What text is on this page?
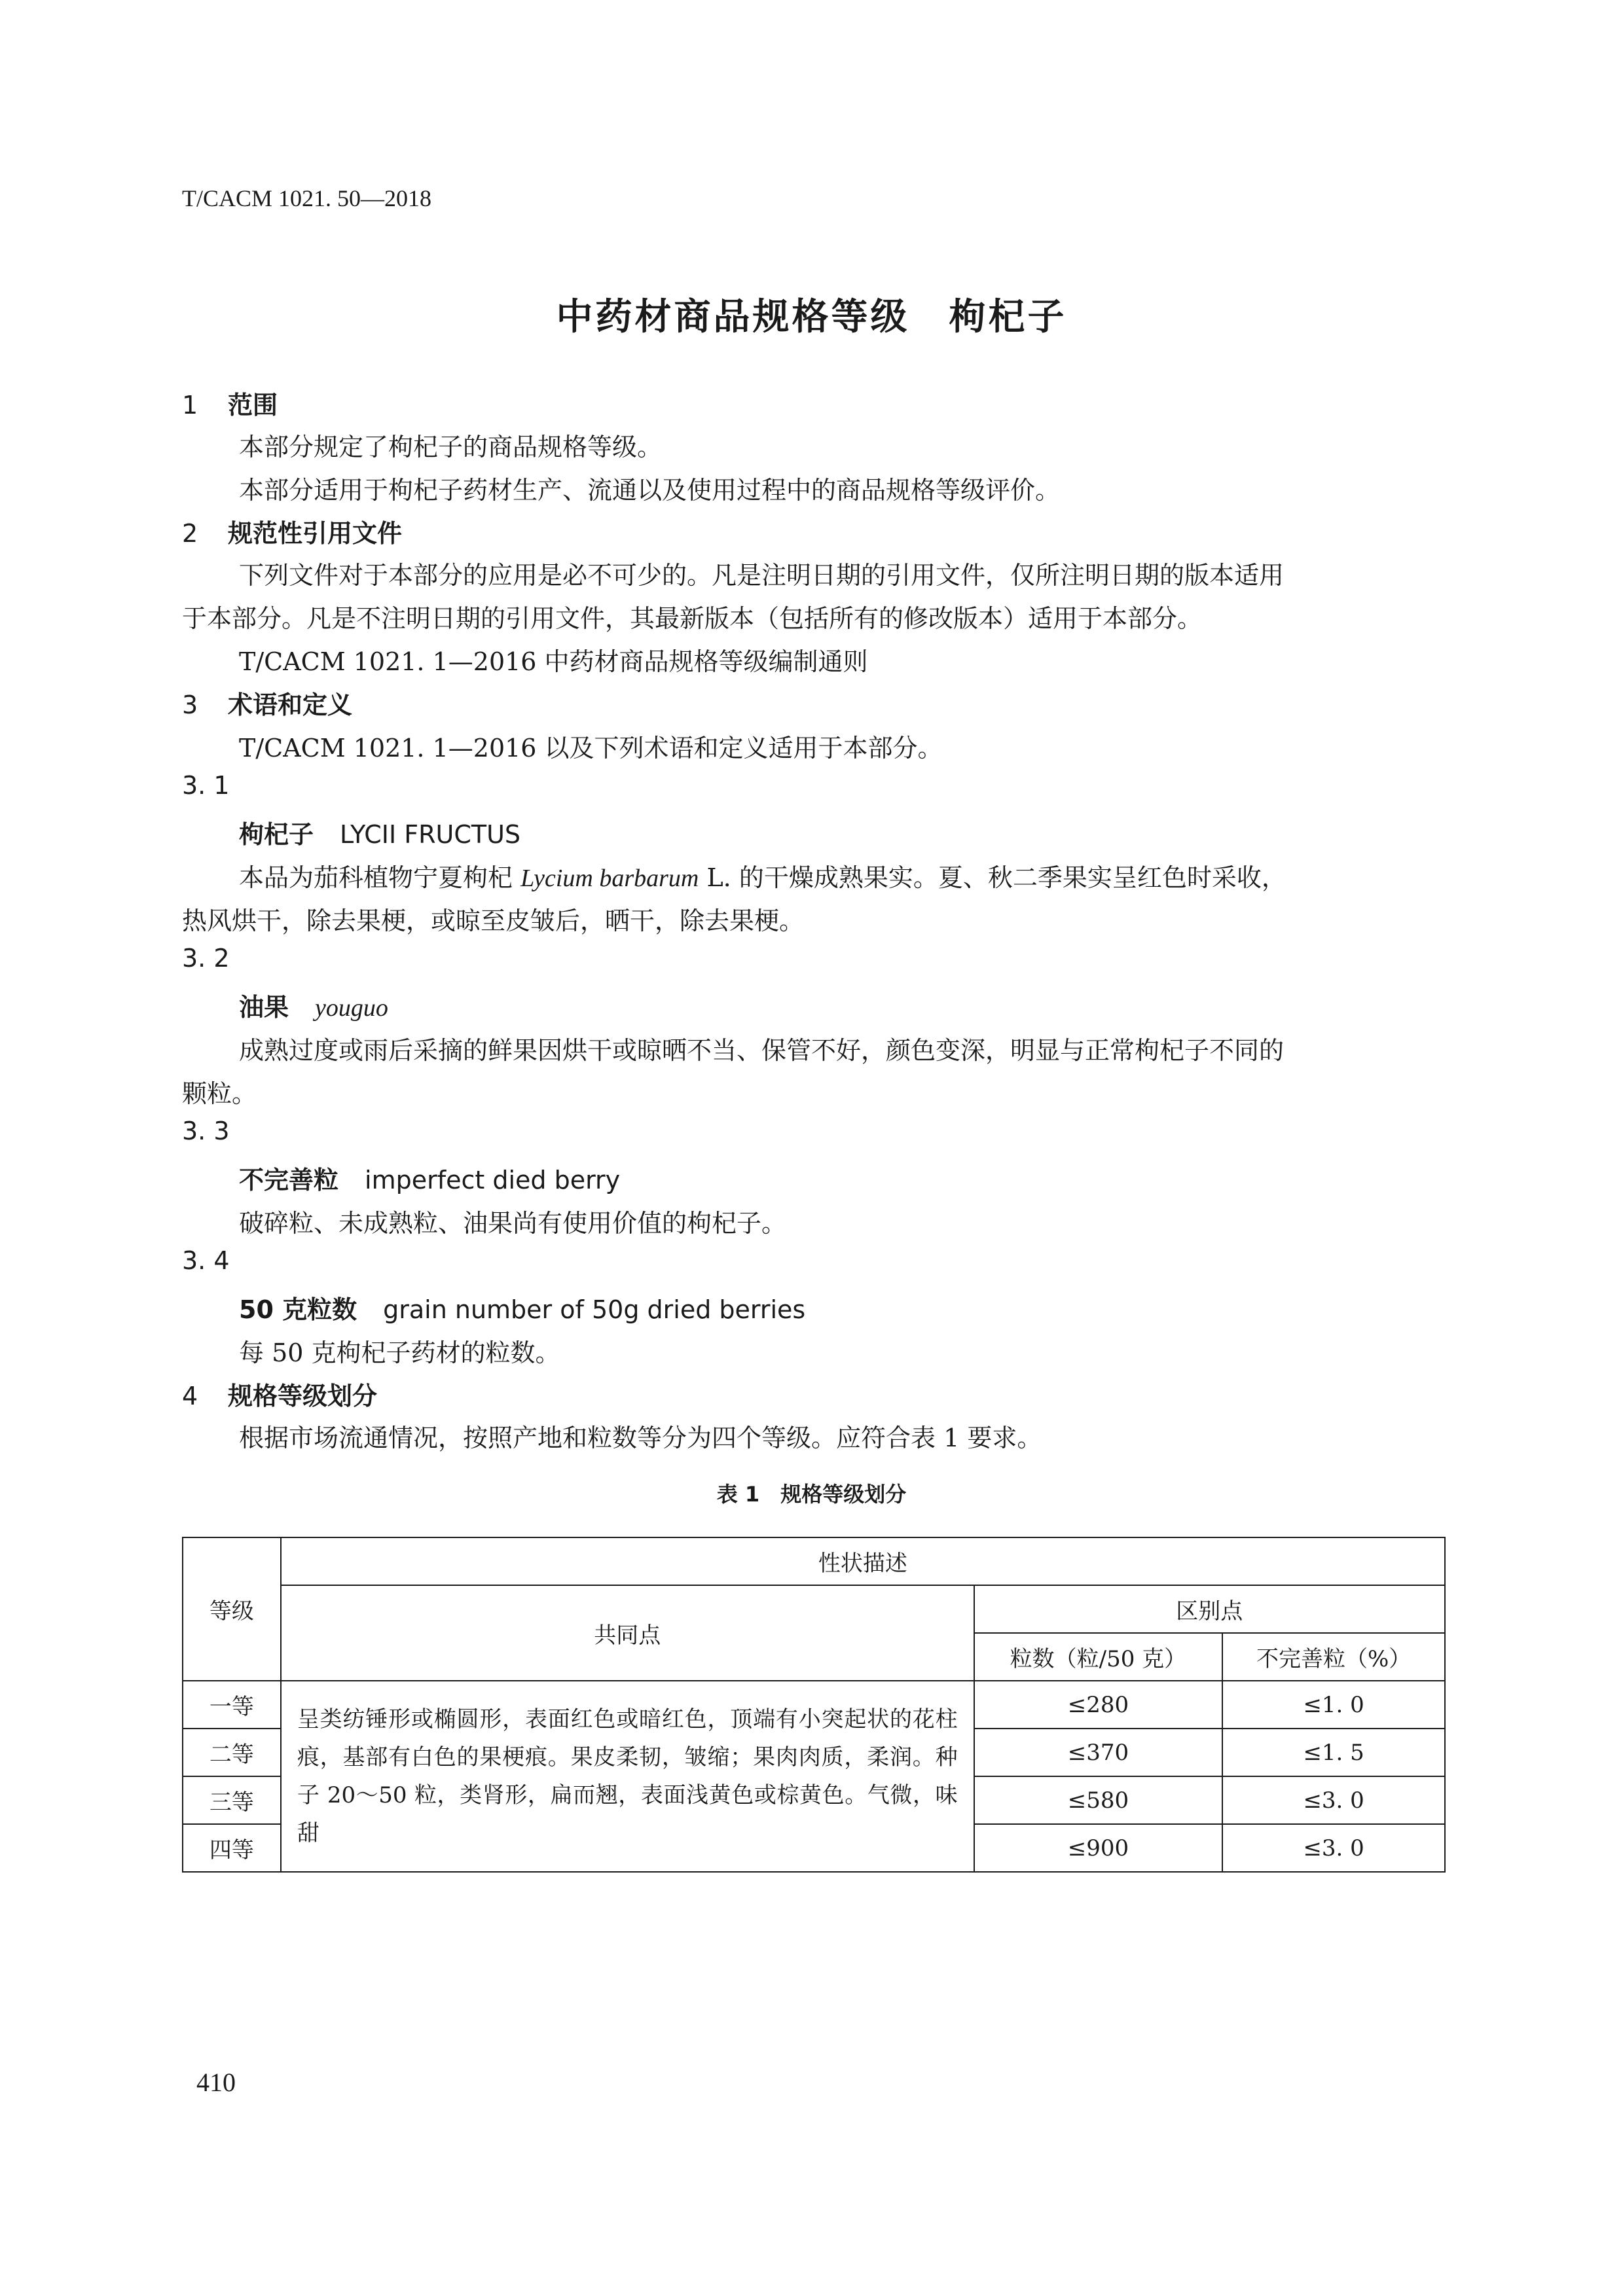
T/CACM 1021. 50—2018
中药材商品规格等级　枸杞子
1 范围
本部分规定了枸杞子的商品规格等级。
本部分适用于枸杞子药材生产、流通以及使用过程中的商品规格等级评价。
2 规范性引用文件
下列文件对于本部分的应用是必不可少的。凡是注明日期的引用文件，仅所注明日期的版本适用
于本部分。凡是不注明日期的引用文件，其最新版本（包括所有的修改版本）适用于本部分。
T/CACM 1021. 1—2016 中药材商品规格等级编制通则
3 术语和定义
T/CACM 1021. 1—2016 以及下列术语和定义适用于本部分。
3. 1
枸杞子 LYCII FRUCTUS
本品为茄科植物宁夏枸杞 Lycium barbarum L. 的干燥成熟果实。夏、秋二季果实呈红色时采收，
热风烘干，除去果梗，或晾至皮皱后，晒干，除去果梗。
3. 2
油果 youguo
成熟过度或雨后采摘的鲜果因烘干或晾晒不当、保管不好，颜色变深，明显与正常枸杞子不同的
颗粒。
3. 3
不完善粒 imperfect died berry
破碎粒、未成熟粒、油果尚有使用价值的枸杞子。
3. 4
50 克粒数 grain number of 50g dried berries
每 50 克枸杞子药材的粒数。
4 规格等级划分
根据市场流通情况，按照产地和粒数等分为四个等级。应符合表 1 要求。
表 1　规格等级划分
等级	性状描述		
	共同点	区别点	
		粒数（粒/50 克）	不完善粒（%）
一等	呈类纺锤形或椭圆形，表面红色或暗红色，顶端有小突起状的花柱痕，基部有白色的果梗痕。果皮柔韧，皱缩；果肉肉质，柔润。种子 20～50 粒，类肾形，扁而翘，表面浅黄色或棕黄色。气微，味甜	≤280	≤1. 0
二等		≤370	≤1. 5
三等		≤580	≤3. 0
四等		≤900	≤3. 0
410
